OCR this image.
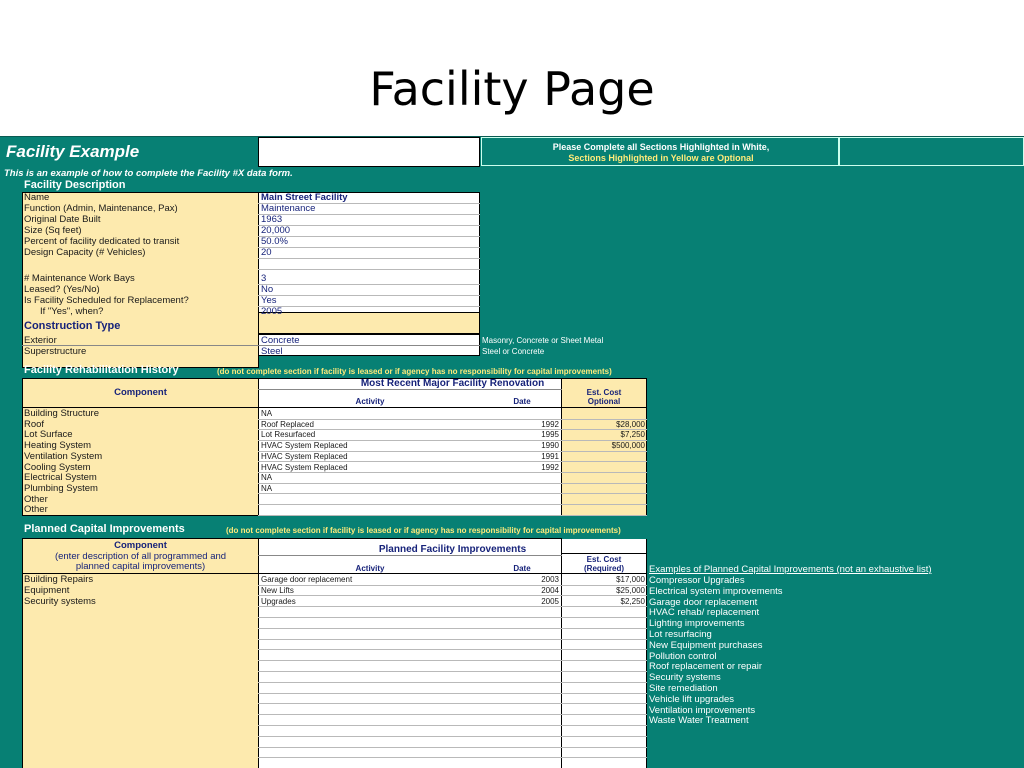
Facility Page
Facility Example	Please Complete all Sections Highlighted in White,
Sections Highlighted in Yellow are Optional
This is an example of how to complete the Facility #X data form.
Facility Description
Construction Type
Exterior	Concrete	Masonry, Concrete or Sheet Metal
Superstructure	Steel	Steel or Concrete
Facility Rehabilitation History	(do not complete section if facility is leased or if agency has no responsibility for capital improvements)
Component
Most Recent Major Facility Renovation
Activity	Date
Est. Cost
Optional
Planned Capital Improvements	(do not complete section if facility is leased or if agency has no responsibility for capital improvements)
Component
(enter description of all programmed and
planned capital improvements)
Planned Facility Improvements
Activity	Date
Est. Cost
(Required)	Examples of Planned Capital Improvements (not an exhaustive list)
Name	Main Street Facility
Function (Admin, Maintenance, Pax)	Maintenance
Original Date Built	1963
Size (Sq feet)	20,000
Percent of facility dedicated to transit	50.0%
Design Capacity (# Vehicles)	20
# Maintenance Work Bays	3
Leased? (Yes/No)	No
Is Facility Scheduled for Replacement?	Yes
If "Yes", when?	2005
Building Structure	NA
Roof	Roof Replaced	1992	$28,000
Lot Surface	Lot Resurfaced	1995	$7,250
Heating System	HVAC System Replaced	1990	$500,000
Ventilation System	HVAC System Replaced	1991
Cooling System	HVAC System Replaced	1992
Electrical System	NA
Plumbing System	NA
Other
Other
Building Repairs	Garage door replacement	2003	$17,000
Equipment	New Lifts	2004	$25,000
Security systems	Upgrades	2005	$2,250
Compressor Upgrades
Electrical system improvements
Garage door replacement
HVAC rehab/ replacement
Lighting improvements
Lot resurfacing
New Equipment purchases
Pollution control
Roof replacement or repair
Security systems
Site remediation
Vehicle lift upgrades
Ventilation improvements
Waste Water Treatment
